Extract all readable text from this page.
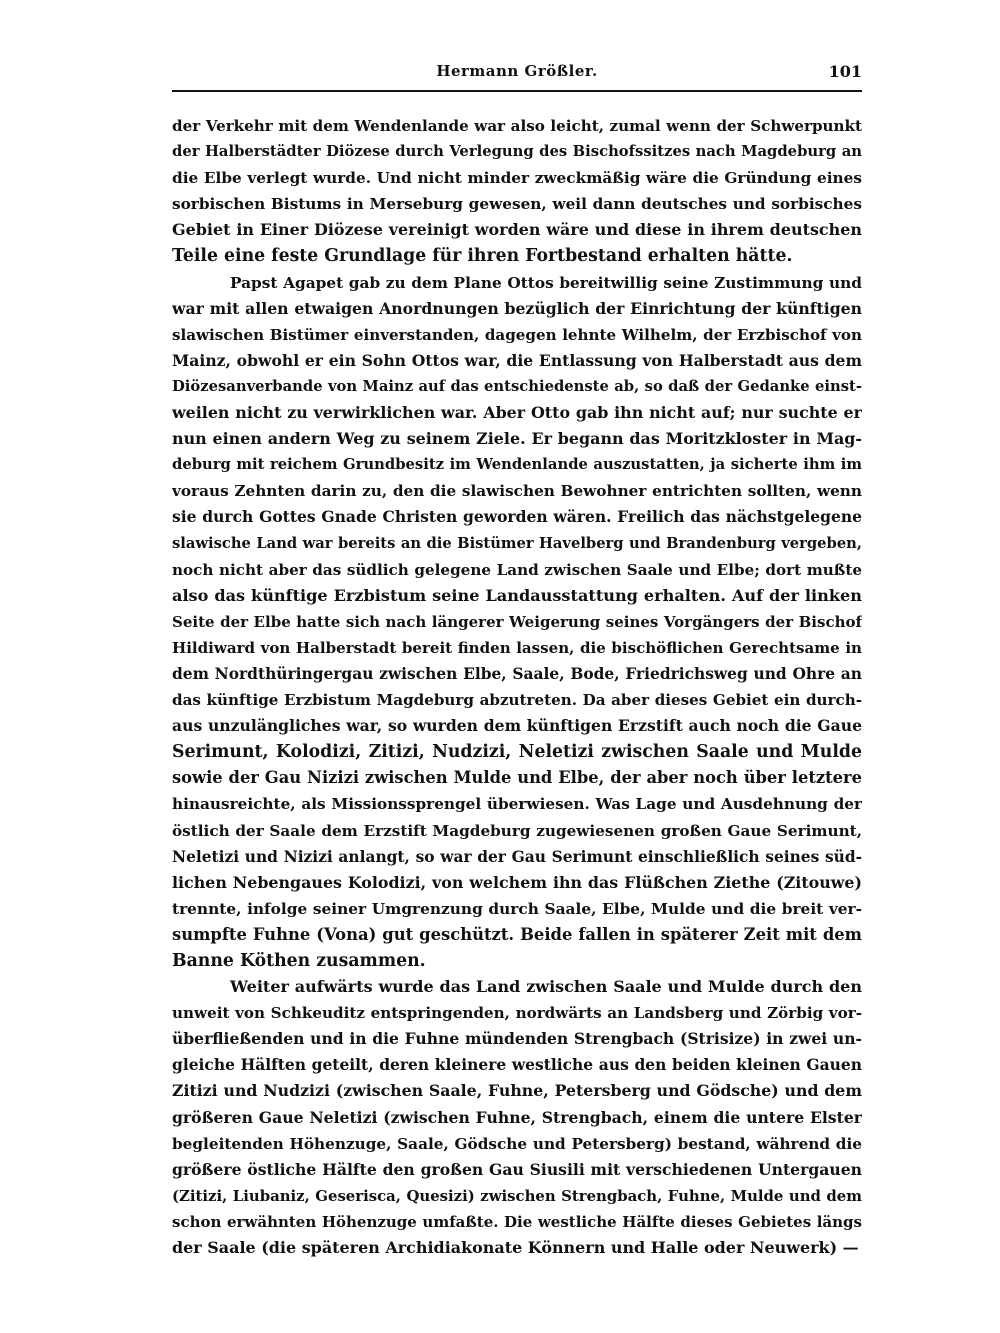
Hermann Größler.	101
der Verkehr mit dem Wendenlande war also leicht, zumal wenn der Schwerpunkt
der Halberstädter Diözese durch Verlegung des Bischofssitzes nach Magdeburg an
die Elbe verlegt wurde. Und nicht minder zweckmäßig wäre die Gründung eines
sorbischen Bistums in Merseburg gewesen, weil dann deutsches und sorbisches
Gebiet in Einer Diözese vereinigt worden wäre und diese in ihrem deutschen
Teile eine feste Grundlage für ihren Fortbestand erhalten hätte.
Papst Agapet gab zu dem Plane Ottos bereitwillig seine Zustimmung und
war mit allen etwaigen Anordnungen bezüglich der Einrichtung der künftigen
slawischen Bistümer einverstanden, dagegen lehnte Wilhelm, der Erzbischof von
Mainz, obwohl er ein Sohn Ottos war, die Entlassung von Halberstadt aus dem
Diözesanverbande von Mainz auf das entschiedenste ab, so daß der Gedanke einst-
weilen nicht zu verwirklichen war. Aber Otto gab ihn nicht auf; nur suchte er
nun einen andern Weg zu seinem Ziele. Er begann das Moritzkloster in Mag-
deburg mit reichem Grundbesitz im Wendenlande auszustatten, ja sicherte ihm im
voraus Zehnten darin zu, den die slawischen Bewohner entrichten sollten, wenn
sie durch Gottes Gnade Christen geworden wären. Freilich das nächstgelegene
slawische Land war bereits an die Bistümer Havelberg und Brandenburg vergeben,
noch nicht aber das südlich gelegene Land zwischen Saale und Elbe; dort mußte
also das künftige Erzbistum seine Landausstattung erhalten. Auf der linken
Seite der Elbe hatte sich nach längerer Weigerung seines Vorgängers der Bischof
Hildiward von Halberstadt bereit finden lassen, die bischöflichen Gerechtsame in
dem Nordthüringergau zwischen Elbe, Saale, Bode, Friedrichsweg und Ohre an
das künftige Erzbistum Magdeburg abzutreten. Da aber dieses Gebiet ein durch-
aus unzulängliches war, so wurden dem künftigen Erzstift auch noch die Gaue
Serimunt, Kolodizi, Zitizi, Nudzizi, Neletizi zwischen Saale und Mulde
sowie der Gau Nizizi zwischen Mulde und Elbe, der aber noch über letztere
hinausreichte, als Missionssprengel überwiesen. Was Lage und Ausdehnung der
östlich der Saale dem Erzstift Magdeburg zugewiesenen großen Gaue Serimunt,
Neletizi und Nizizi anlangt, so war der Gau Serimunt einschließlich seines süd-
lichen Nebengaues Kolodizi, von welchem ihn das Flüßchen Ziethe (Zitouwe)
trennte, infolge seiner Umgrenzung durch Saale, Elbe, Mulde und die breit ver-
sumpfte Fuhne (Vona) gut geschützt. Beide fallen in späterer Zeit mit dem
Banne Köthen zusammen.
Weiter aufwärts wurde das Land zwischen Saale und Mulde durch den
unweit von Schkeuditz entspringenden, nordwärts an Landsberg und Zörbig vor-
überfließenden und in die Fuhne mündenden Strengbach (Strisize) in zwei un-
gleiche Hälften geteilt, deren kleinere westliche aus den beiden kleinen Gauen
Zitizi und Nudzizi (zwischen Saale, Fuhne, Petersberg und Gödsche) und dem
größeren Gaue Neletizi (zwischen Fuhne, Strengbach, einem die untere Elster
begleitenden Höhenzuge, Saale, Gödsche und Petersberg) bestand, während die
größere östliche Hälfte den großen Gau Siusili mit verschiedenen Untergauen
(Zitizi, Liubaniz, Geserisca, Quesizi) zwischen Strengbach, Fuhne, Mulde und dem
schon erwähnten Höhenzuge umfaßte. Die westliche Hälfte dieses Gebietes längs
der Saale (die späteren Archidiakonate Könnern und Halle oder Neuwerk) —
